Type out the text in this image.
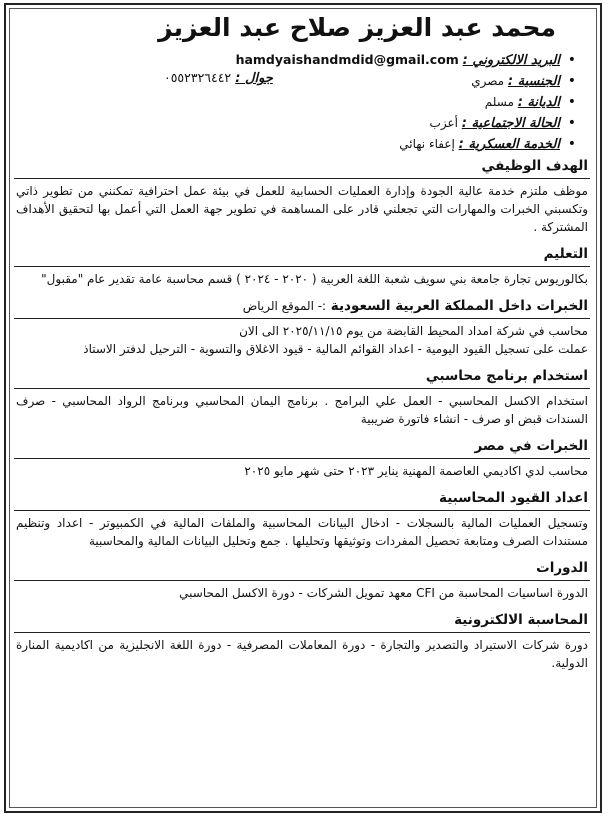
محمد عبد العزيز صلاح عبد العزيز
• البريد الالكتروني : hamdyaishandmdid@gmail.com
• الجنسية : مصري
• الديانة : مسلم
• الحالة الاجتماعية : أعزب
• الخدمة العسكرية : إعفاء نهائي
جوال : ٠٥٥٢٣٢٦٤٤٢
الهدف الوظيفي

موظف ملتزم خدمة عالية الجودة وإدارة العمليات الحسابية للعمل في بيئة عمل احترافية تمكنني من تطوير ذاتي وتكسبني الخبرات والمهارات التي تجعلني قادر على المساهمة في تطوير جهة العمل التي أعمل بها لتحقيق الأهداف المشتركة .

التعليم

بكالوريوس تجارة جامعة بني سويف شعبة اللغة العربية ( ٢٠٢٠ - ٢٠٢٤ ) قسم محاسبة عامة تقدير عام "مقبول"

الخبرات داخل المملكة العربية السعودية :- الموقع الرياض

محاسب في شركة امداد المحيط القابضة من يوم ٢٠٢٥/١١/١٥ الى الان

عملت على تسجيل القيود اليومية - اعداد القوائم المالية - قيود الاغلاق والتسوية - الترحيل لدفتر الاستاذ

استخدام برنامج محاسبي

استخدام الاكسل المحاسبي - العمل علي البرامج . برنامج اليمان المحاسبي وبرنامج الرواد المحاسبي - صرف السندات قبض او صرف - انشاء فاتورة ضريبية

الخبرات في مصر

محاسب لدي اكاديمي العاصمة المهنية يناير ٢٠٢٣ حتى شهر مايو ٢٠٢٥

اعداد القيود المحاسبية

وتسجيل العمليات المالية بالسجلات - ادخال البيانات المحاسبية والملفات المالية في الكمبيوتر - اعداد وتنظيم مستندات الصرف ومتابعة تحصيل المفردات وتوثيقها وتحليلها . جمع وتحليل البيانات المالية والمحاسبية

الدورات

الدورة اساسيات المحاسبة من CFI معهد تمويل الشركات - دورة الاكسل المحاسبي

المحاسبة الالكترونية

دورة شركات الاستيراد والتصدير والتجارة - دورة المعاملات المصرفية - دورة اللغة الانجليزية من اكاديمية المنارة الدولية.
